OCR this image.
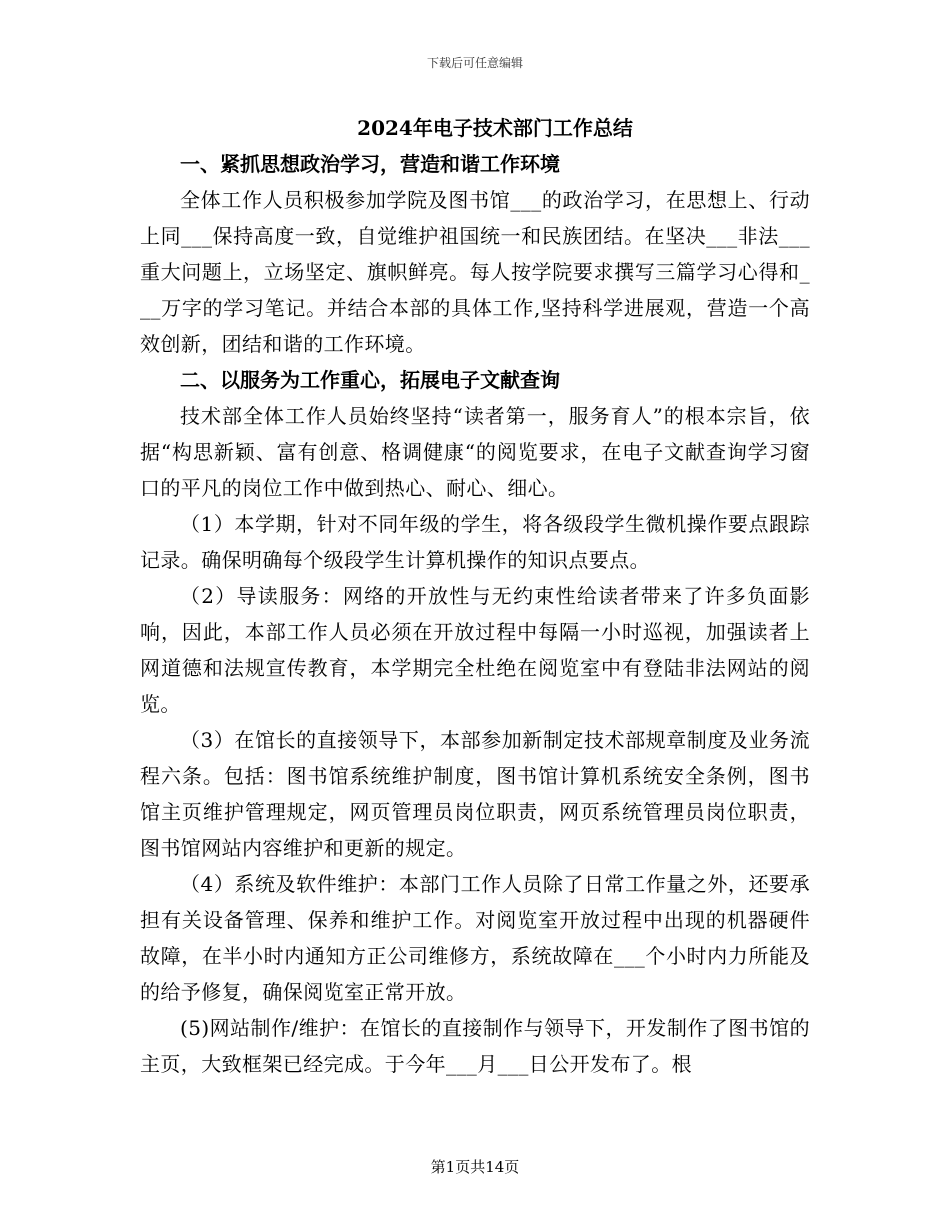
下载后可任意编辑
2024年电子技术部门工作总结
一、紧抓思想政治学习，营造和谐工作环境

全体工作人员积极参加学院及图书馆___的政治学习，在思想上、行动上同___保持高度一致，自觉维护祖国统一和民族团结。在坚决___非法___重大问题上，立场坚定、旗帜鲜亮。每人按学院要求撰写三篇学习心得和___万字的学习笔记。并结合本部的具体工作,坚持科学进展观，营造一个高效创新，团结和谐的工作环境。

二、以服务为工作重心，拓展电子文献查询

技术部全体工作人员始终坚持“读者第一，服务育人”的根本宗旨，依据“构思新颖、富有创意、格调健康“的阅览要求，在电子文献查询学习窗口的平凡的岗位工作中做到热心、耐心、细心。

（1）本学期，针对不同年级的学生，将各级段学生微机操作要点跟踪记录。确保明确每个级段学生计算机操作的知识点要点。

（2）导读服务：网络的开放性与无约束性给读者带来了许多负面影响，因此，本部工作人员必须在开放过程中每隔一小时巡视，加强读者上网道德和法规宣传教育，本学期完全杜绝在阅览室中有登陆非法网站的阅览。

（3）在馆长的直接领导下，本部参加新制定技术部规章制度及业务流程六条。包括：图书馆系统维护制度，图书馆计算机系统安全条例，图书馆主页维护管理规定，网页管理员岗位职责，网页系统管理员岗位职责，图书馆网站内容维护和更新的规定。

（4）系统及软件维护：本部门工作人员除了日常工作量之外，还要承担有关设备管理、保养和维护工作。对阅览室开放过程中出现的机器硬件故障，在半小时内通知方正公司维修方，系统故障在___个小时内力所能及的给予修复，确保阅览室正常开放。

(5)网站制作/维护：在馆长的直接制作与领导下，开发制作了图书馆的主页，大致框架已经完成。于今年___月___日公开发布了。根

第1页共14页
